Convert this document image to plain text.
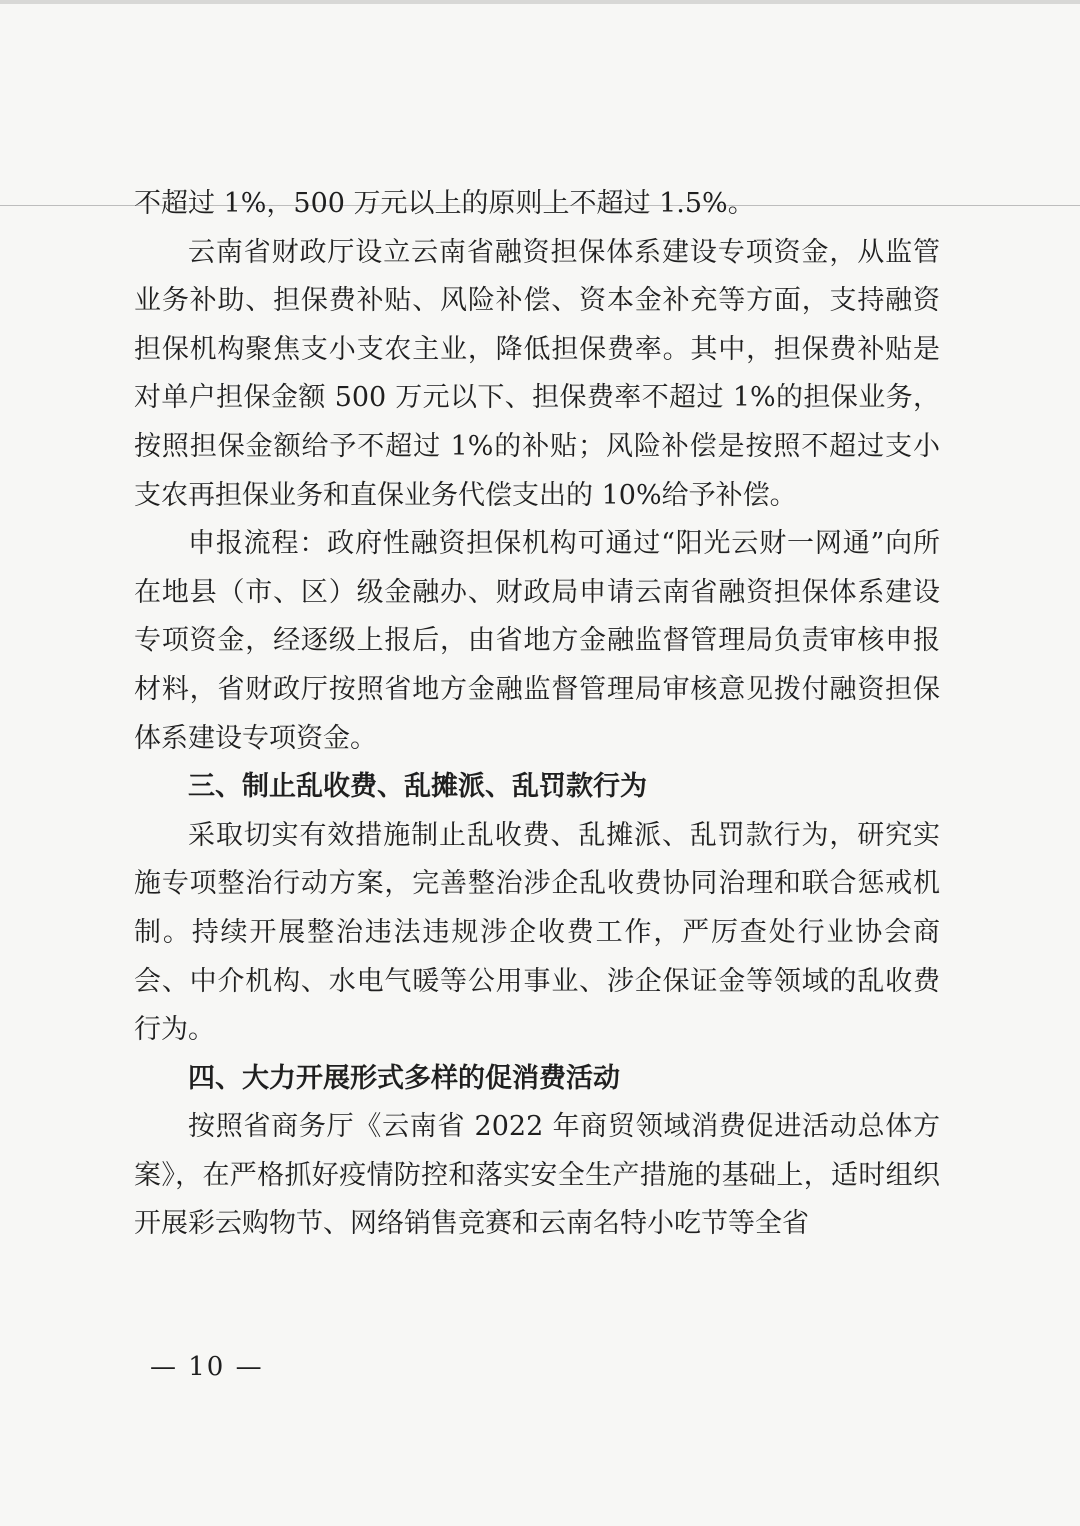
不超过 1%，500 万元以上的原则上不超过 1.5%。

云南省财政厅设立云南省融资担保体系建设专项资金，从监管业务补助、担保费补贴、风险补偿、资本金补充等方面，支持融资担保机构聚焦支小支农主业，降低担保费率。其中，担保费补贴是对单户担保金额 500 万元以下、担保费率不超过 1%的担保业务，按照担保金额给予不超过 1%的补贴；风险补偿是按照不超过支小支农再担保业务和直保业务代偿支出的 10%给予补偿。

申报流程：政府性融资担保机构可通过“阳光云财一网通”向所在地县（市、区）级金融办、财政局申请云南省融资担保体系建设专项资金，经逐级上报后，由省地方金融监督管理局负责审核申报材料，省财政厅按照省地方金融监督管理局审核意见拨付融资担保体系建设专项资金。

三、制止乱收费、乱摊派、乱罚款行为

采取切实有效措施制止乱收费、乱摊派、乱罚款行为，研究实施专项整治行动方案，完善整治涉企乱收费协同治理和联合惩戒机制。持续开展整治违法违规涉企收费工作，严厉查处行业协会商会、中介机构、水电气暖等公用事业、涉企保证金等领域的乱收费行为。

四、大力开展形式多样的促消费活动

按照省商务厅《云南省 2022 年商贸领域消费促进活动总体方案》，在严格抓好疫情防控和落实安全生产措施的基础上，适时组织开展彩云购物节、网络销售竞赛和云南名特小吃节等全省

— 10 —
